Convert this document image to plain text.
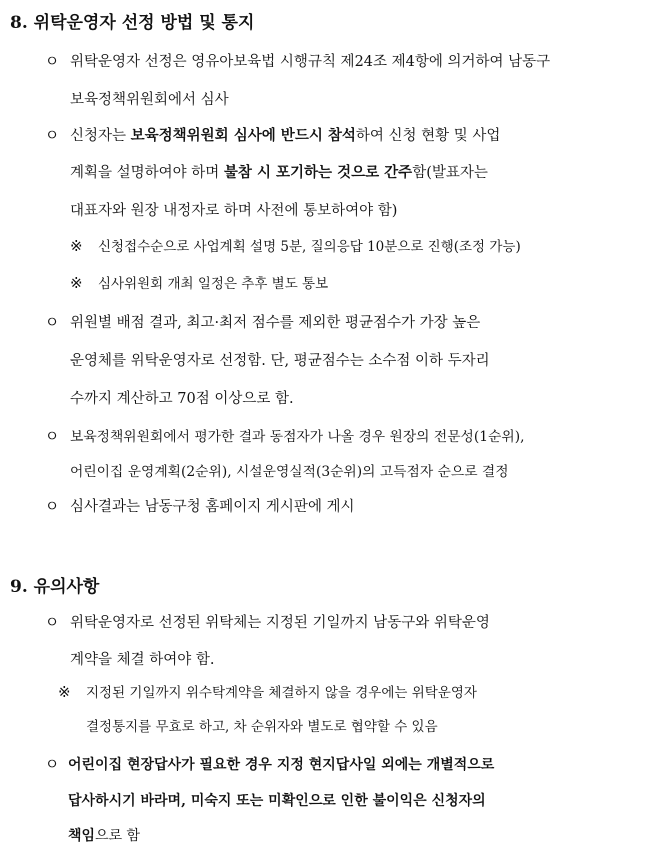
8. 위탁운영자 선정 방법 및 통지
ㅇ 위탁운영자 선정은 영유아보육법 시행규칙 제24조 제4항에 의거하여 남동구
보육정책위원회에서 심사
ㅇ 신청자는 보육정책위원회 심사에 반드시 참석하여 신청 현황 및 사업
계획을 설명하여야 하며 불참 시 포기하는 것으로 간주함(발표자는
대표자와 원장 내정자로 하며 사전에 통보하여야 함)
※ 신청접수순으로 사업계획 설명 5분, 질의응답 10분으로 진행(조정 가능)
※ 심사위원회 개최 일정은 추후 별도 통보
ㅇ 위원별 배점 결과, 최고·최저 점수를 제외한 평균점수가 가장 높은
운영체를 위탁운영자로 선정함. 단, 평균점수는 소수점 이하 두자리
수까지 계산하고 70점 이상으로 함.
ㅇ 보육정책위원회에서 평가한 결과 동점자가 나올 경우 원장의 전문성(1순위),
어린이집 운영계획(2순위), 시설운영실적(3순위)의 고득점자 순으로 결정
ㅇ 심사결과는 남동구청 홈페이지 게시판에 게시
9. 유의사항
ㅇ 위탁운영자로 선정된 위탁체는 지정된 기일까지 남동구와 위탁운영
계약을 체결 하여야 함.
※ 지정된 기일까지 위수탁계약을 체결하지 않을 경우에는 위탁운영자
결정통지를 무효로 하고, 차 순위자와 별도로 협약할 수 있음
ㅇ 어린이집 현장답사가 필요한 경우 지정 현지답사일 외에는 개별적으로
답사하시기 바라며, 미숙지 또는 미확인으로 인한 불이익은 신청자의
책임으로 함
